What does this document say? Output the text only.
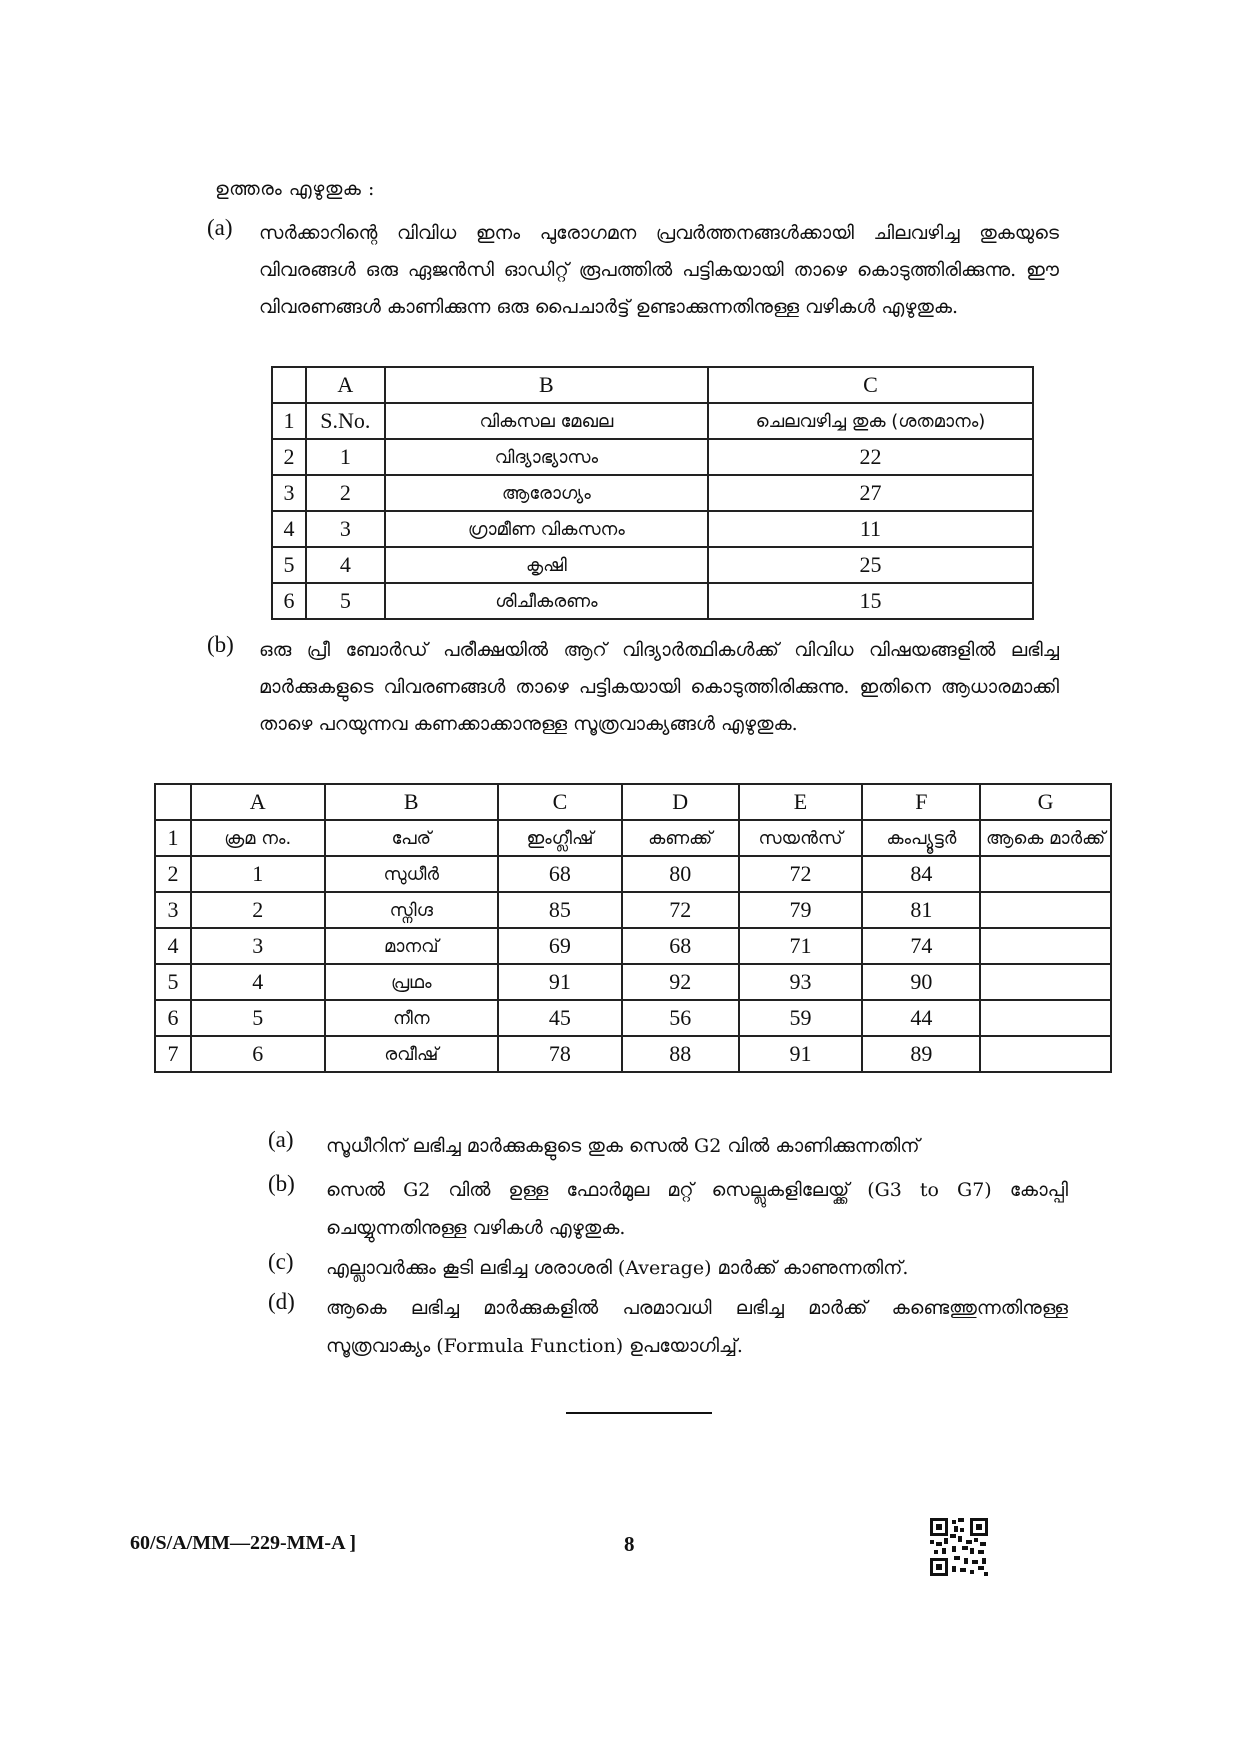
ഉത്തരം എഴുതുക :
(a)	സർക്കാറിന്റെ വിവിധ ഇനം പുരോഗമന പ്രവർത്തനങ്ങൾക്കായി ചിലവഴിച്ച തുകയുടെ വിവരങ്ങൾ ഒരു ഏജൻസി ഓഡിറ്റ് രൂപത്തിൽ പട്ടികയായി താഴെ കൊടുത്തിരിക്കുന്നു. ഈ വിവരണങ്ങൾ കാണിക്കുന്ന ഒരു പൈചാർട്ട് ഉണ്ടാക്കുന്നതിനുള്ള വഴികൾ എഴുതുക.
	A	B	C
1	S.No.	വികസല മേഖല	ചെലവഴിച്ച തുക (ശതമാനം)
2	1	വിദ്യാഭ്യാസം	22
3	2	ആരോഗ്യം	27
4	3	ഗ്രാമീണ വികസനം	11
5	4	കൃഷി	25
6	5	ശിചീകരണം	15
(b)	ഒരു പ്രീ ബോർഡ് പരീക്ഷയിൽ ആറ് വിദ്യാർത്ഥികൾക്ക് വിവിധ വിഷയങ്ങളിൽ ലഭിച്ച മാർക്കുകളുടെ വിവരണങ്ങൾ താഴെ പട്ടികയായി കൊടുത്തിരിക്കുന്നു. ഇതിനെ ആധാരമാക്കി താഴെ പറയുന്നവ കണക്കാക്കാനുള്ള സൂത്രവാക്യങ്ങൾ എഴുതുക.
	A	B	C	D	E	F	G
1	ക്രമ നം.	പേര്	ഇംഗ്ലീഷ്	കണക്ക്	സയൻസ്	കംപ്യൂട്ടർ	ആകെ മാർക്ക്
2	1	സുധീർ	68	80	72	84	
3	2	സ്നിഗ്ദ	85	72	79	81	
4	3	മാനവ്	69	68	71	74	
5	4	പ്രഥം	91	92	93	90	
6	5	നീന	45	56	59	44	
7	6	രവീഷ്	78	88	91	89	
(a)	സൂധീറിന് ലഭിച്ച മാർക്കുകളുടെ തുക സെൽ G2 വിൽ കാണിക്കുന്നതിന്
(b)	സെൽ G2 വിൽ ഉള്ള ഫോർമുല മറ്റ് സെല്ലുകളിലേയ്ക്ക് (G3 to G7) കോപ്പി ചെയ്യുന്നതിനുള്ള വഴികൾ എഴുതുക.
(c)	എല്ലാവർക്കും കൂടി ലഭിച്ച ശരാശരി (Average) മാർക്ക് കാണുന്നതിന്.
(d)	ആകെ ലഭിച്ച മാർക്കുകളിൽ പരമാവധി ലഭിച്ച മാർക്ക് കണ്ടെത്തുന്നതിനുള്ള സൂത്രവാക്യം (Formula Function) ഉപയോഗിച്ച്.
60/S/A/MM—229-MM-A ]	8
